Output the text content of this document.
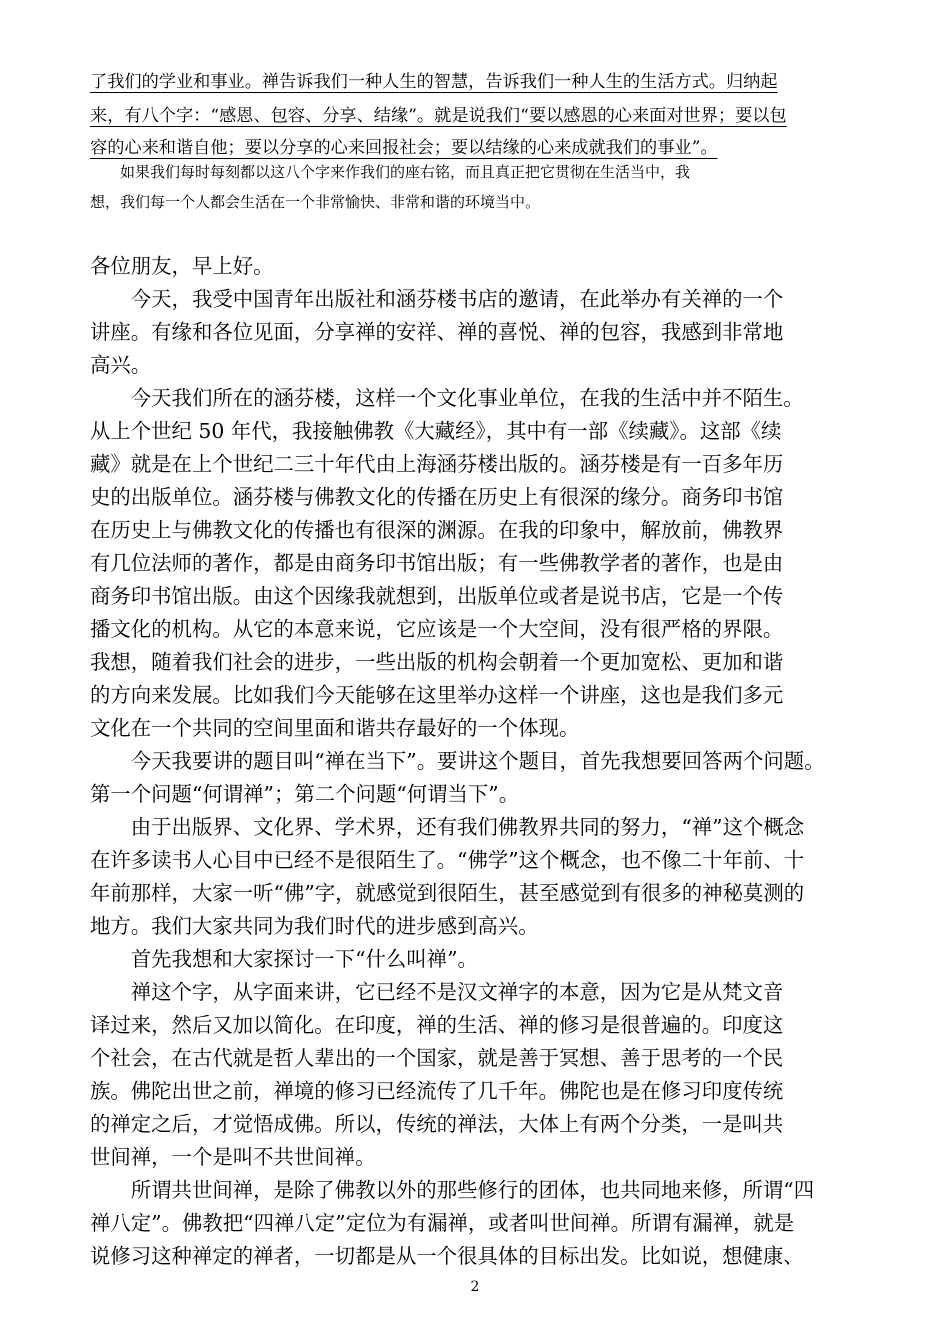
了我们的学业和事业。禅告诉我们一种人生的智慧，告诉我们一种人生的生活方式。归纳起
来，有八个字：“感恩、包容、分享、结缘”。就是说我们“要以感恩的心来面对世界；要以包
容的心来和谐自他；要以分享的心来回报社会；要以结缘的心来成就我们的事业”。
　　如果我们每时每刻都以这八个字来作我们的座右铭，而且真正把它贯彻在生活当中，我
想，我们每一个人都会生活在一个非常愉快、非常和谐的环境当中。
各位朋友，早上好。
　　今天，我受中国青年出版社和涵芬楼书店的邀请，在此举办有关禅的一个
讲座。有缘和各位见面，分享禅的安祥、禅的喜悦、禅的包容，我感到非常地
高兴。
　　今天我们所在的涵芬楼，这样一个文化事业单位，在我的生活中并不陌生。
从上个世纪 50 年代，我接触佛教《大藏经》，其中有一部《续藏》。这部《续
藏》就是在上个世纪二三十年代由上海涵芬楼出版的。涵芬楼是有一百多年历
史的出版单位。涵芬楼与佛教文化的传播在历史上有很深的缘分。商务印书馆
在历史上与佛教文化的传播也有很深的渊源。在我的印象中，解放前，佛教界
有几位法师的著作，都是由商务印书馆出版；有一些佛教学者的著作，也是由
商务印书馆出版。由这个因缘我就想到，出版单位或者是说书店，它是一个传
播文化的机构。从它的本意来说，它应该是一个大空间，没有很严格的界限。
我想，随着我们社会的进步，一些出版的机构会朝着一个更加宽松、更加和谐
的方向来发展。比如我们今天能够在这里举办这样一个讲座，这也是我们多元
文化在一个共同的空间里面和谐共存最好的一个体现。
　　今天我要讲的题目叫“禅在当下”。要讲这个题目，首先我想要回答两个问题。
第一个问题“何谓禅”；第二个问题“何谓当下”。
　　由于出版界、文化界、学术界，还有我们佛教界共同的努力，“禅”这个概念
在许多读书人心目中已经不是很陌生了。“佛学”这个概念，也不像二十年前、十
年前那样，大家一听“佛”字，就感觉到很陌生，甚至感觉到有很多的神秘莫测的
地方。我们大家共同为我们时代的进步感到高兴。
　　首先我想和大家探讨一下“什么叫禅”。
　　禅这个字，从字面来讲，它已经不是汉文禅字的本意，因为它是从梵文音
译过来，然后又加以简化。在印度，禅的生活、禅的修习是很普遍的。印度这
个社会，在古代就是哲人辈出的一个国家，就是善于冥想、善于思考的一个民
族。佛陀出世之前，禅境的修习已经流传了几千年。佛陀也是在修习印度传统
的禅定之后，才觉悟成佛。所以，传统的禅法，大体上有两个分类，一是叫共
世间禅，一个是叫不共世间禅。
　　所谓共世间禅，是除了佛教以外的那些修行的团体，也共同地来修，所谓“四
禅八定”。佛教把“四禅八定”定位为有漏禅，或者叫世间禅。所谓有漏禅，就是
说修习这种禅定的禅者，一切都是从一个很具体的目标出发。比如说，想健康、
2
